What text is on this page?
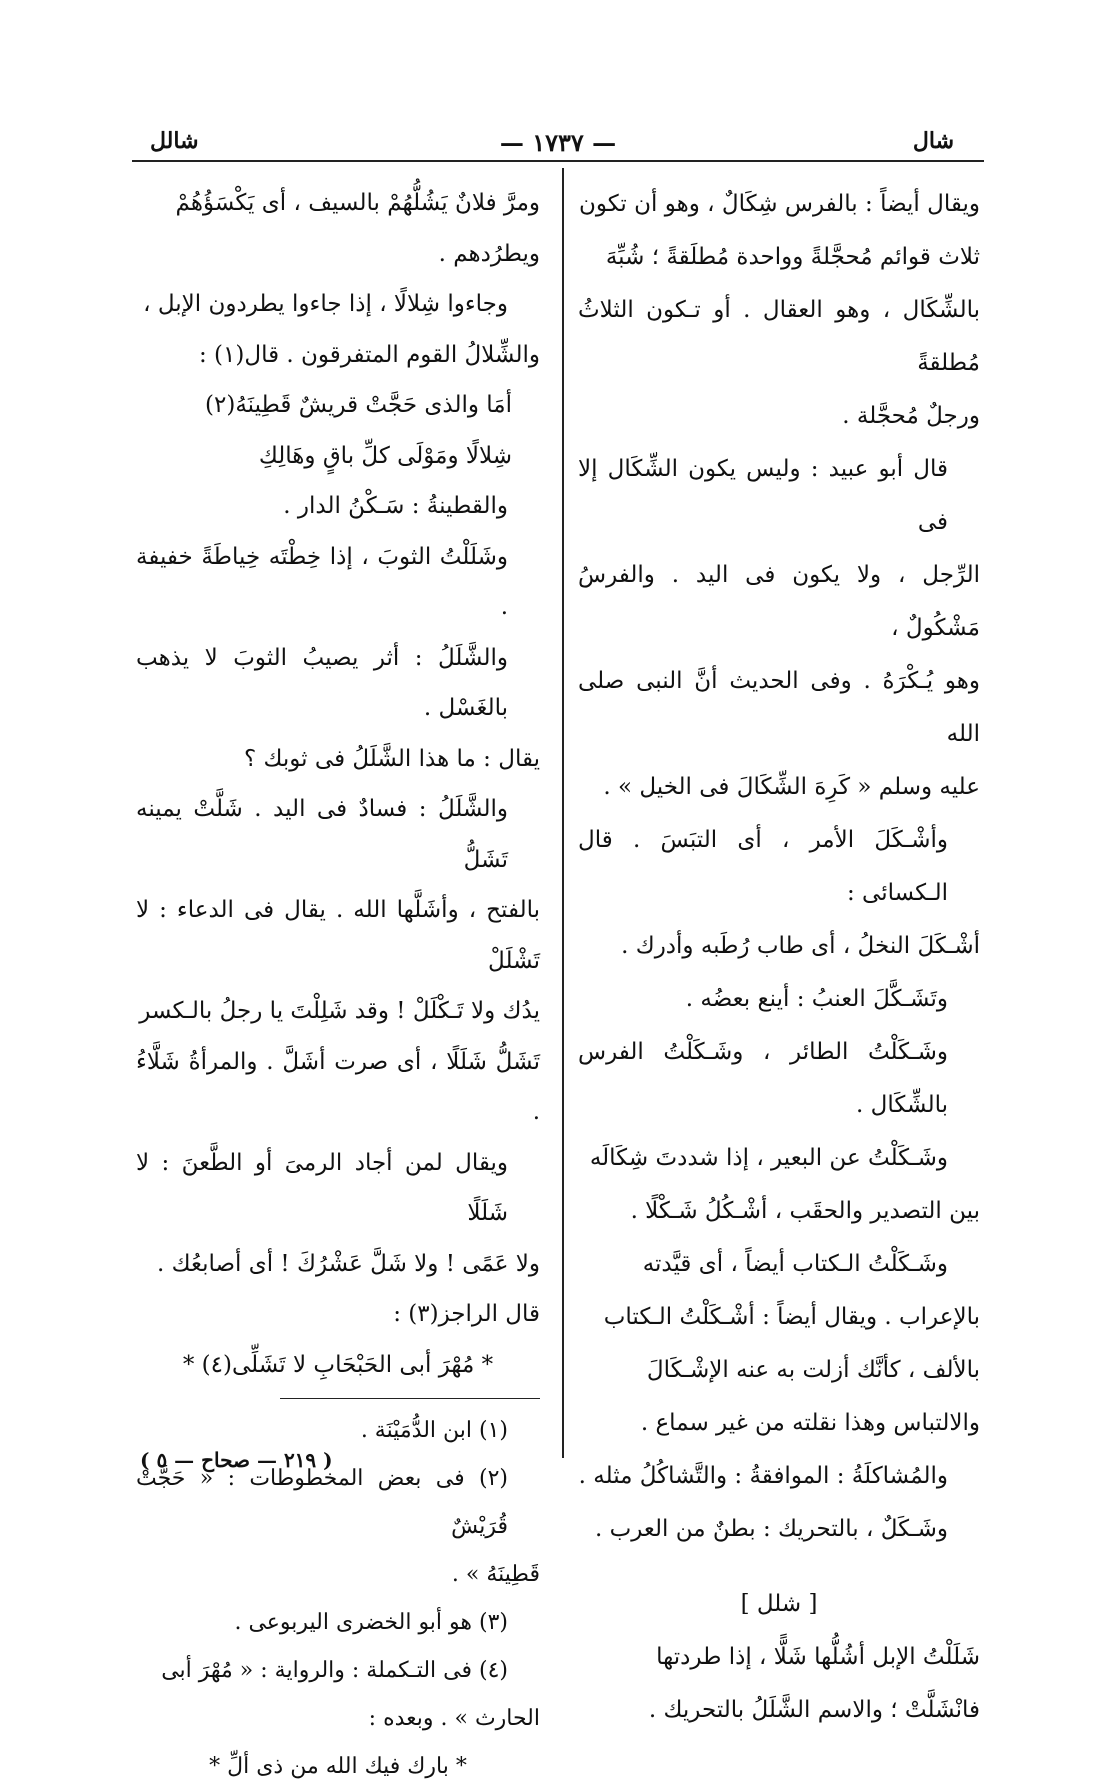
شال
— ١٧٣٧ —
شالل

ويقال أيضاً : بالفرس شِكَالٌ ، وهو أن تكون

ثلاث قوائم مُحجَّلةً وواحدة مُطلَقةً ؛ شُبِّهَ

بالشِّكَال ، وهو العقال . أو تـكون الثلاثُ مُطلقةً

ورجلٌ مُحجَّلة .

قال أبو عبيد : وليس يكون الشِّكَال إلا فى

الرِّجل ، ولا يكون فى اليد . والفرسُ مَشْكُولٌ ،

وهو يُـكْرَهُ . وفى الحديث أنَّ النبى صلى الله

عليه وسلم « كَرِهَ الشِّكَالَ فى الخيل » .

وأشْـكَلَ الأمر ، أى التبَسَ . قال الـكسائى :

أشْـكَلَ النخلُ ، أى طاب رُطَبه وأدرك .

وتَشَـكَّلَ العنبُ : أينع بعضُه .

وشَـكَلْتُ الطائر ، وشَـكَلْتُ الفرس بالشِّكَال .

وشَـكَلْتُ عن البعير ، إذا شددتَ شِكَالَه

بين التصدير والحقَب ، أشْـكُلُ شَـكْلًا .

وشَـكَلْتُ الـكتاب أيضاً ، أى قيَّدته

بالإعراب . ويقال أيضاً : أشْـكَلْتُ الـكتاب

بالألف ، كأنَّك أزلت به عنه الإشْـكَالَ

والالتباس وهذا نقلته من غير سماع .

والمُشاكلَةُ : الموافقةُ : والتَّشاكُلُ مثله .

وشَـكَلٌ ، بالتحريك : بطنٌ من العرب .

[ شلل ]

شَلَلْتُ الإبل أشُلُّها شَلًّا ، إذا طردتها

فانْشَلَّتْ ؛ والاسم الشَّلَلُ بالتحريك .

ومرَّ فلانٌ يَشُلُّهُمْ بالسيف ، أى يَكْسَؤُهُمْ

ويطرُدهم .

وجاءوا شِلالًا ، إذا جاءوا يطردون الإبل ،

والشِّلالُ القوم المتفرقون . قال(١) :

أمَا والذى حَجَّتْ قريشٌ قَطِينَهُ(٢)

شِلالًا ومَوْلَى كلِّ باقٍ وهَالِكِ

والقطينةُ : سَـكْنُ الدار .

وشَلَلْتُ الثوبَ ، إذا خِطْتَه خِياطَةً خفيفة .

والشَّلَلُ : أثر يصيبُ الثوبَ لا يذهب بالغَسْل .

يقال : ما هذا الشَّلَلُ فى ثوبك ؟

والشَّلَلُ : فسادٌ فى اليد . شَلَّتْ يمينه تَشَلُّ

بالفتح ، وأشَلَّها الله . يقال فى الدعاء : لا تَشْلَلْ

يدُك ولا تَـكْلَلْ ! وقد شَلِلْتَ يا رجلُ بالـكسر

تَشَلُّ شَلَلًا ، أى صرت أشَلَّ . والمرأةُ شَلَّاءُ .

ويقال لمن أجاد الرمىَ أو الطَّعنَ : لا شَلَلًا

ولا عَمًى ! ولا شَلَّ عَشْرُكَ ! أى أصابعُك .

قال الراجز(٣) :

* مُهْرَ أبى الحَبْحَابِ لا تَشَلِّى(٤) *

(١) ابن الدُّمَيْنَة .

(٢) فى بعض المخطوطات : « حَجَّتْ قُرَيْشٌ

قَطِينَهُ » .

(٣) هو أبو الخضرى اليربوعى .

(٤) فى التـكملة : والرواية : « مُهْرَ أبى

الحارث » . وبعده :

* بارك فيك الله من ذى ألِّ *

( ٢١٩ — صحاح — ٥ )
